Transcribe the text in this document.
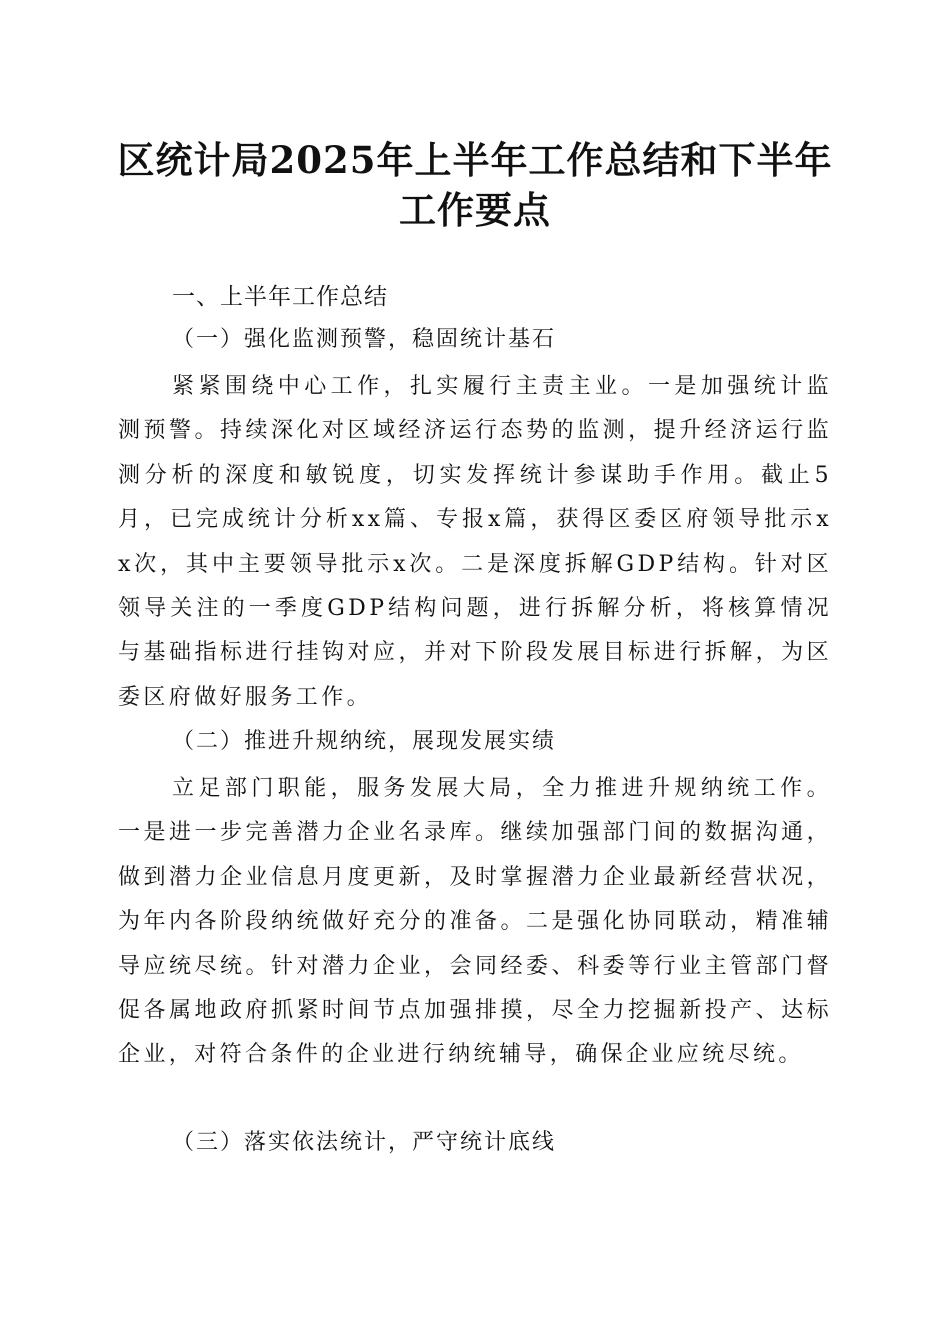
区统计局2025年上半年工作总结和下半年工作要点
一、上半年工作总结
（一）强化监测预警，稳固统计基石
紧紧围绕中心工作，扎实履行主责主业。一是加强统计监测预警。持续深化对区域经济运行态势的监测，提升经济运行监测分析的深度和敏锐度，切实发挥统计参谋助手作用。截止5月，已完成统计分析xx篇、专报x篇，获得区委区府领导批示xx次，其中主要领导批示x次。二是深度拆解GDP结构。针对区领导关注的一季度GDP结构问题，进行拆解分析，将核算情况与基础指标进行挂钩对应，并对下阶段发展目标进行拆解，为区委区府做好服务工作。
（二）推进升规纳统，展现发展实绩
立足部门职能，服务发展大局，全力推进升规纳统工作。一是进一步完善潜力企业名录库。继续加强部门间的数据沟通，做到潜力企业信息月度更新，及时掌握潜力企业最新经营状况，为年内各阶段纳统做好充分的准备。二是强化协同联动，精准辅导应统尽统。针对潜力企业，会同经委、科委等行业主管部门督促各属地政府抓紧时间节点加强排摸，尽全力挖掘新投产、达标企业，对符合条件的企业进行纳统辅导，确保企业应统尽统。
（三）落实依法统计，严守统计底线
